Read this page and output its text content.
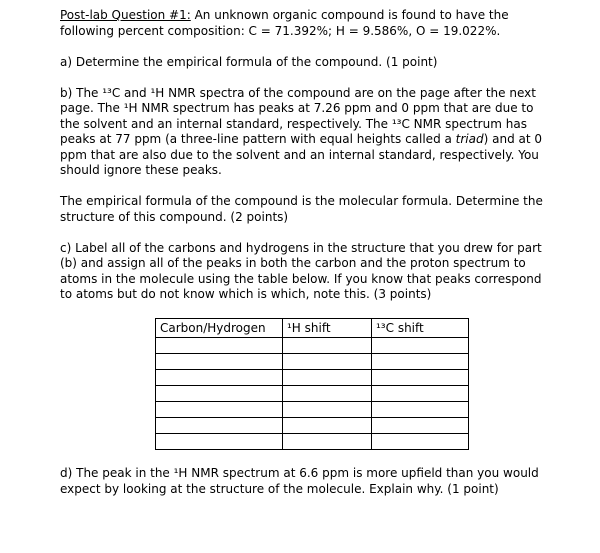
Post-lab Question #1: An unknown organic compound is found to have the following percent composition: C = 71.392%; H = 9.586%, O = 19.022%.

a) Determine the empirical formula of the compound. (1 point)

b) The ¹³C and ¹H NMR spectra of the compound are on the page after the next page. The ¹H NMR spectrum has peaks at 7.26 ppm and 0 ppm that are due to the solvent and an internal standard, respectively. The ¹³C NMR spectrum has peaks at 77 ppm (a three-line pattern with equal heights called a triad) and at 0 ppm that are also due to the solvent and an internal standard, respectively. You should ignore these peaks.

The empirical formula of the compound is the molecular formula. Determine the structure of this compound. (2 points)

c) Label all of the carbons and hydrogens in the structure that you drew for part (b) and assign all of the peaks in both the carbon and the proton spectrum to atoms in the molecule using the table below. If you know that peaks correspond to atoms but do not know which is which, note this. (3 points)

Carbon/Hydrogen	¹H shift	¹³C shift

d) The peak in the ¹H NMR spectrum at 6.6 ppm is more upfield than you would expect by looking at the structure of the molecule. Explain why. (1 point)
